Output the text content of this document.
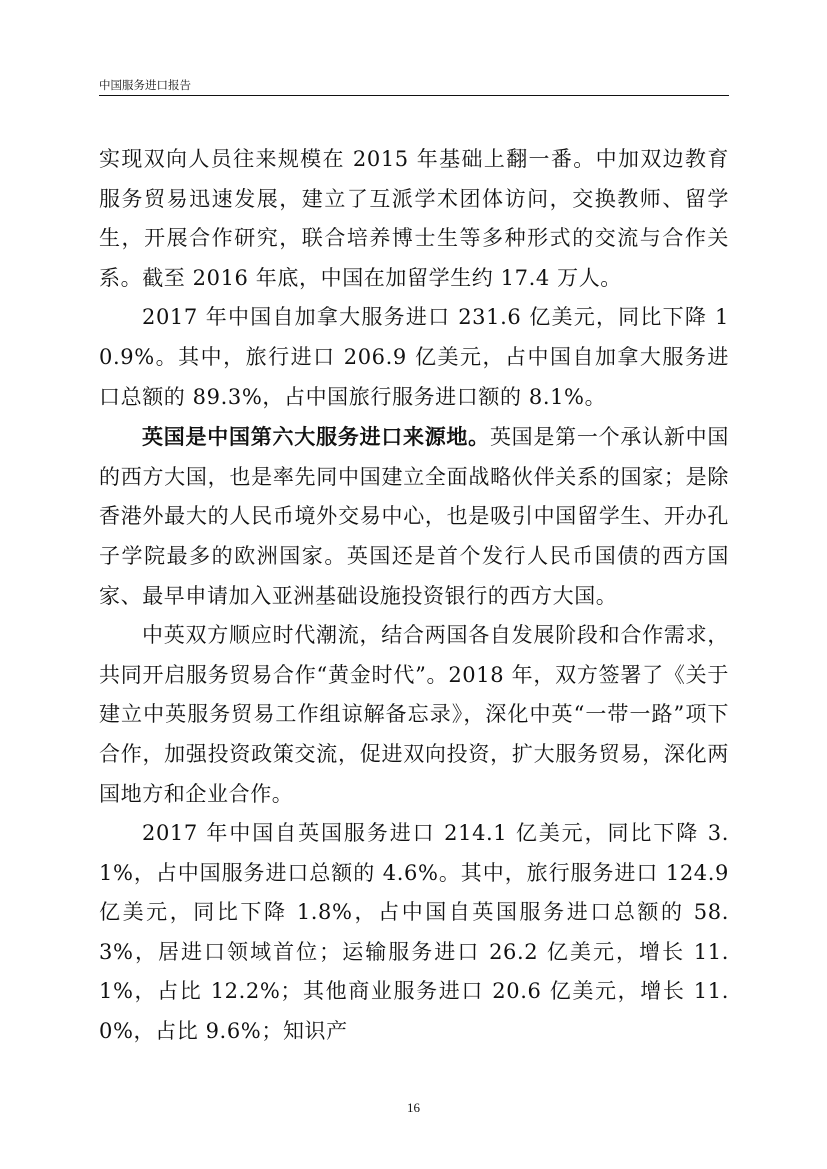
中国服务进口报告

实现双向人员往来规模在 2015 年基础上翻一番。中加双边教育服务贸易迅速发展，建立了互派学术团体访问，交换教师、留学生，开展合作研究，联合培养博士生等多种形式的交流与合作关系。截至 2016 年底，中国在加留学生约 17.4 万人。

2017 年中国自加拿大服务进口 231.6 亿美元，同比下降 10.9%。其中，旅行进口 206.9 亿美元，占中国自加拿大服务进口总额的 89.3%，占中国旅行服务进口额的 8.1%。

英国是中国第六大服务进口来源地。英国是第一个承认新中国的西方大国，也是率先同中国建立全面战略伙伴关系的国家；是除香港外最大的人民币境外交易中心，也是吸引中国留学生、开办孔子学院最多的欧洲国家。英国还是首个发行人民币国债的西方国家、最早申请加入亚洲基础设施投资银行的西方大国。

中英双方顺应时代潮流，结合两国各自发展阶段和合作需求，共同开启服务贸易合作“黄金时代”。2018 年，双方签署了《关于建立中英服务贸易工作组谅解备忘录》，深化中英“一带一路”项下合作，加强投资政策交流，促进双向投资，扩大服务贸易，深化两国地方和企业合作。

2017 年中国自英国服务进口 214.1 亿美元，同比下降 3.1%，占中国服务进口总额的 4.6%。其中，旅行服务进口 124.9 亿美元，同比下降 1.8%，占中国自英国服务进口总额的 58.3%，居进口领域首位；运输服务进口 26.2 亿美元，增长 11.1%，占比 12.2%；其他商业服务进口 20.6 亿美元，增长 11.0%，占比 9.6%；知识产

16
